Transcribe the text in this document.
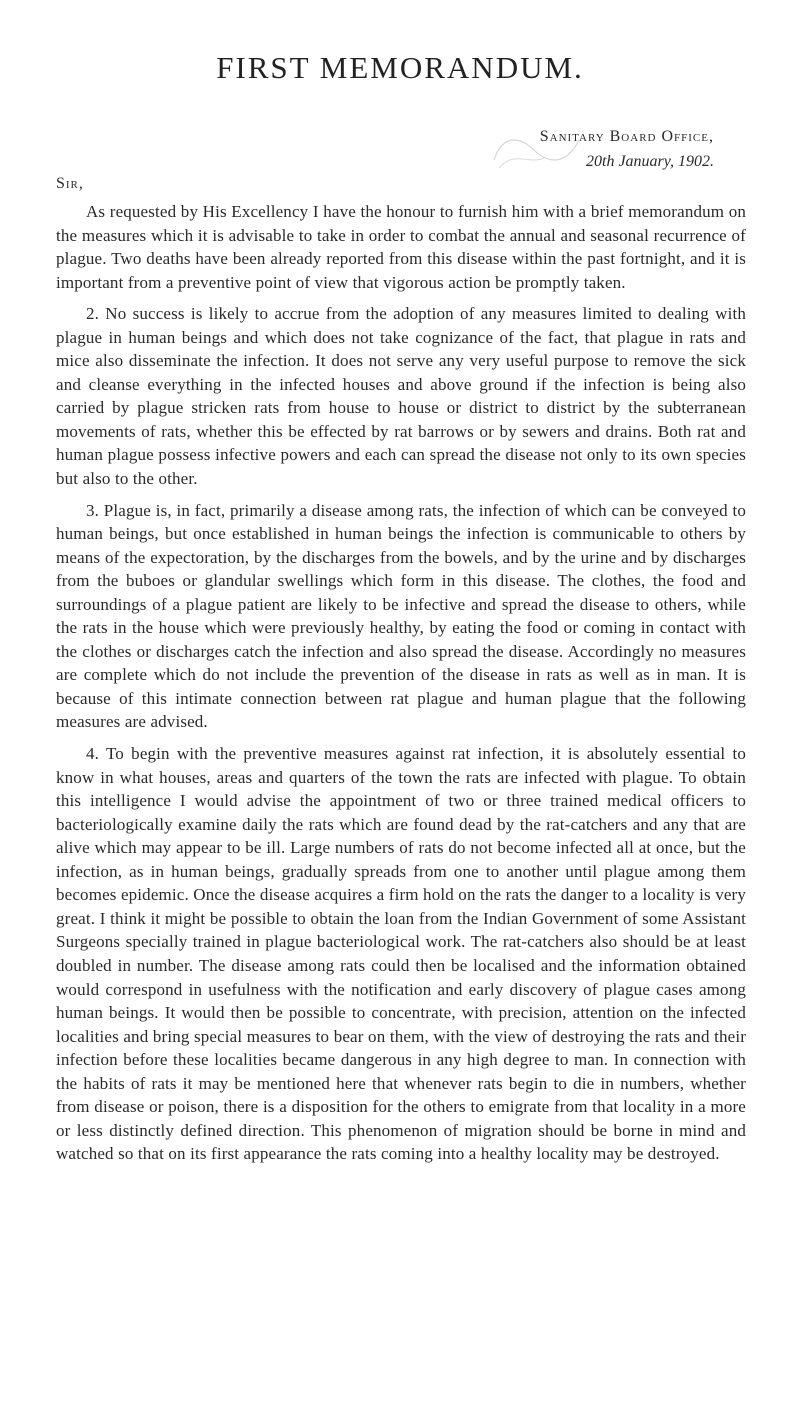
FIRST MEMORANDUM.
Sanitary Board Office,
20th January, 1902.
Sir,

As requested by His Excellency I have the honour to furnish him with a brief memorandum on the measures which it is advisable to take in order to combat the annual and seasonal recurrence of plague. Two deaths have been already reported from this disease within the past fortnight, and it is important from a preventive point of view that vigorous action be promptly taken.

2. No success is likely to accrue from the adoption of any measures limited to dealing with plague in human beings and which does not take cognizance of the fact, that plague in rats and mice also disseminate the infection. It does not serve any very useful purpose to remove the sick and cleanse everything in the infected houses and above ground if the infection is being also carried by plague stricken rats from house to house or district to district by the subterranean movements of rats, whether this be effected by rat barrows or by sewers and drains. Both rat and human plague possess infective powers and each can spread the disease not only to its own species but also to the other.

3. Plague is, in fact, primarily a disease among rats, the infection of which can be conveyed to human beings, but once established in human beings the infection is communicable to others by means of the expectoration, by the discharges from the bowels, and by the urine and by discharges from the buboes or glandular swellings which form in this disease. The clothes, the food and surroundings of a plague patient are likely to be infective and spread the disease to others, while the rats in the house which were previously healthy, by eating the food or coming in contact with the clothes or discharges catch the infection and also spread the disease. Accordingly no measures are complete which do not include the prevention of the disease in rats as well as in man. It is because of this intimate connection between rat plague and human plague that the following measures are advised.

4. To begin with the preventive measures against rat infection, it is absolutely essential to know in what houses, areas and quarters of the town the rats are infected with plague. To obtain this intelligence I would advise the appointment of two or three trained medical officers to bacteriologically examine daily the rats which are found dead by the rat-catchers and any that are alive which may appear to be ill. Large numbers of rats do not become infected all at once, but the infection, as in human beings, gradually spreads from one to another until plague among them becomes epidemic. Once the disease acquires a firm hold on the rats the danger to a locality is very great. I think it might be possible to obtain the loan from the Indian Government of some Assistant Surgeons specially trained in plague bacteriological work. The rat-catchers also should be at least doubled in number. The disease among rats could then be localised and the information obtained would correspond in usefulness with the notification and early discovery of plague cases among human beings. It would then be possible to concentrate, with precision, attention on the infected localities and bring special measures to bear on them, with the view of destroying the rats and their infection before these localities became dangerous in any high degree to man. In connection with the habits of rats it may be mentioned here that whenever rats begin to die in numbers, whether from disease or poison, there is a disposition for the others to emigrate from that locality in a more or less distinctly defined direction. This phenomenon of migration should be borne in mind and watched so that on its first appearance the rats coming into a healthy locality may be destroyed.
